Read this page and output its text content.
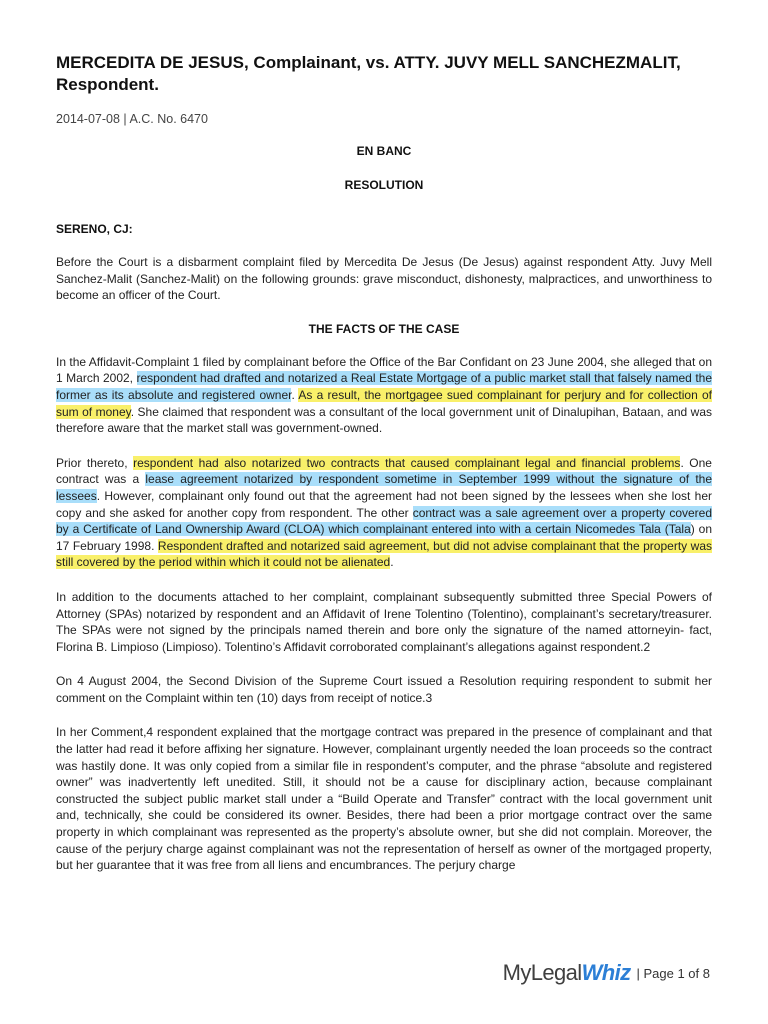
MERCEDITA DE JESUS, Complainant, vs. ATTY. JUVY MELL SANCHEZMALIT, Respondent.
2014-07-08 | A.C. No. 6470
EN BANC
RESOLUTION
SERENO, CJ:

Before the Court is a disbarment complaint filed by Mercedita De Jesus (De Jesus) against respondent Atty. Juvy Mell Sanchez-Malit (Sanchez-Malit) on the following grounds: grave misconduct, dishonesty, malpractices, and unworthiness to become an officer of the Court.

THE FACTS OF THE CASE

In the Affidavit-Complaint 1 filed by complainant before the Office of the Bar Confidant on 23 June 2004, she alleged that on 1 March 2002, respondent had drafted and notarized a Real Estate Mortgage of a public market stall that falsely named the former as its absolute and registered owner. As a result, the mortgagee sued complainant for perjury and for collection of sum of money. She claimed that respondent was a consultant of the local government unit of Dinalupihan, Bataan, and was therefore aware that the market stall was government-owned.

Prior thereto, respondent had also notarized two contracts that caused complainant legal and financial problems. One contract was a lease agreement notarized by respondent sometime in September 1999 without the signature of the lessees. However, complainant only found out that the agreement had not been signed by the lessees when she lost her copy and she asked for another copy from respondent. The other contract was a sale agreement over a property covered by a Certificate of Land Ownership Award (CLOA) which complainant entered into with a certain Nicomedes Tala (Tala) on 17 February 1998. Respondent drafted and notarized said agreement, but did not advise complainant that the property was still covered by the period within which it could not be alienated.

In addition to the documents attached to her complaint, complainant subsequently submitted three Special Powers of Attorney (SPAs) notarized by respondent and an Affidavit of Irene Tolentino (Tolentino), complainant’s secretary/treasurer. The SPAs were not signed by the principals named therein and bore only the signature of the named attorneyin- fact, Florina B. Limpioso (Limpioso). Tolentino’s Affidavit corroborated complainant’s allegations against respondent.2

On 4 August 2004, the Second Division of the Supreme Court issued a Resolution requiring respondent to submit her comment on the Complaint within ten (10) days from receipt of notice.3

In her Comment,4 respondent explained that the mortgage contract was prepared in the presence of complainant and that the latter had read it before affixing her signature. However, complainant urgently needed the loan proceeds so the contract was hastily done. It was only copied from a similar file in respondent’s computer, and the phrase “absolute and registered owner” was inadvertently left unedited. Still, it should not be a cause for disciplinary action, because complainant constructed the subject public market stall under a “Build Operate and Transfer” contract with the local government unit and, technically, she could be considered its owner. Besides, there had been a prior mortgage contract over the same property in which complainant was represented as the property’s absolute owner, but she did not complain. Moreover, the cause of the perjury charge against complainant was not the representation of herself as owner of the mortgaged property, but her guarantee that it was free from all liens and encumbrances. The perjury charge

MyLegalWhiz | Page 1 of 8
